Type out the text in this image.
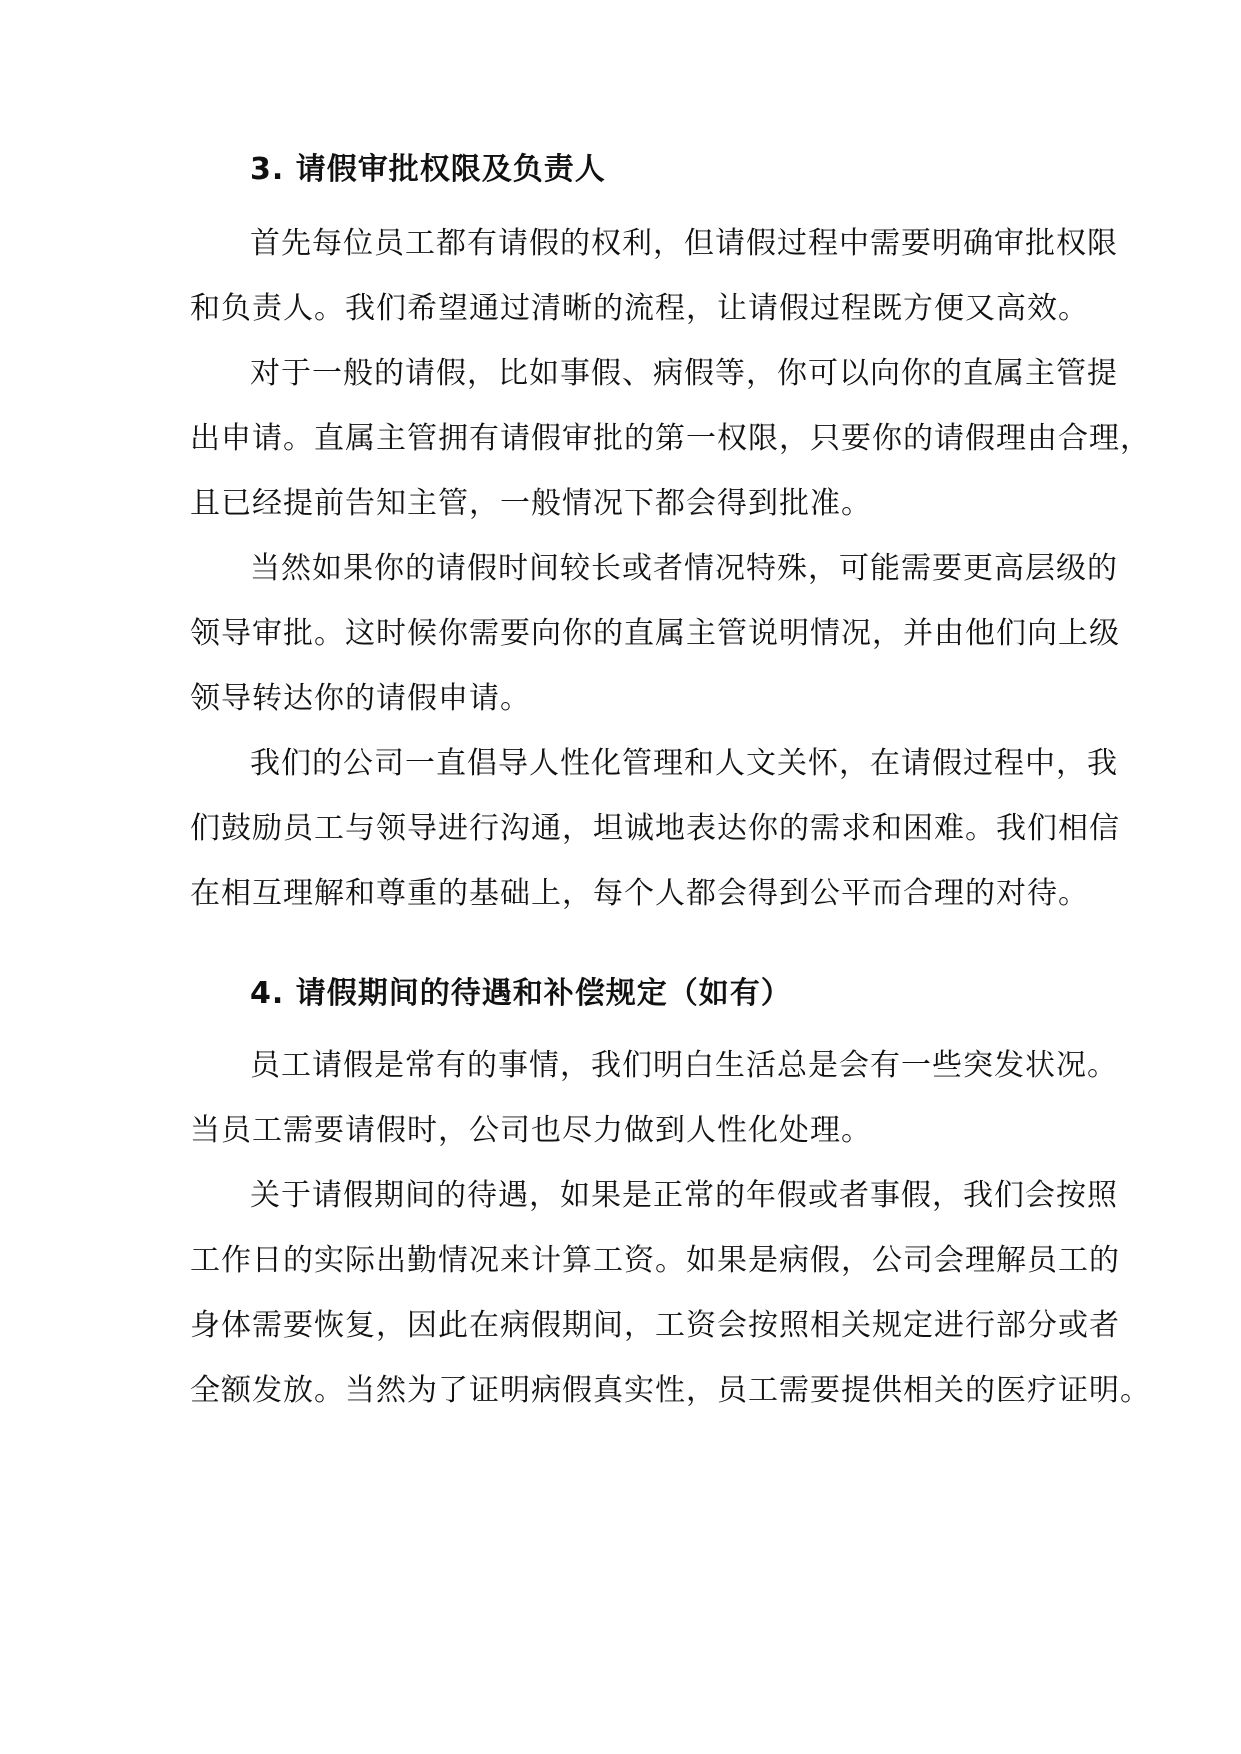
3. 请假审批权限及负责人
首先每位员工都有请假的权利，但请假过程中需要明确审批权限
和负责人。我们希望通过清晰的流程，让请假过程既方便又高效。
对于一般的请假，比如事假、病假等，你可以向你的直属主管提
出申请。直属主管拥有请假审批的第一权限，只要你的请假理由合理，
且已经提前告知主管，一般情况下都会得到批准。
当然如果你的请假时间较长或者情况特殊，可能需要更高层级的
领导审批。这时候你需要向你的直属主管说明情况，并由他们向上级
领导转达你的请假申请。
我们的公司一直倡导人性化管理和人文关怀，在请假过程中，我
们鼓励员工与领导进行沟通，坦诚地表达你的需求和困难。我们相信
在相互理解和尊重的基础上，每个人都会得到公平而合理的对待。
4. 请假期间的待遇和补偿规定（如有）
员工请假是常有的事情，我们明白生活总是会有一些突发状况。
当员工需要请假时，公司也尽力做到人性化处理。
关于请假期间的待遇，如果是正常的年假或者事假，我们会按照
工作日的实际出勤情况来计算工资。如果是病假，公司会理解员工的
身体需要恢复，因此在病假期间，工资会按照相关规定进行部分或者
全额发放。当然为了证明病假真实性，员工需要提供相关的医疗证明。
